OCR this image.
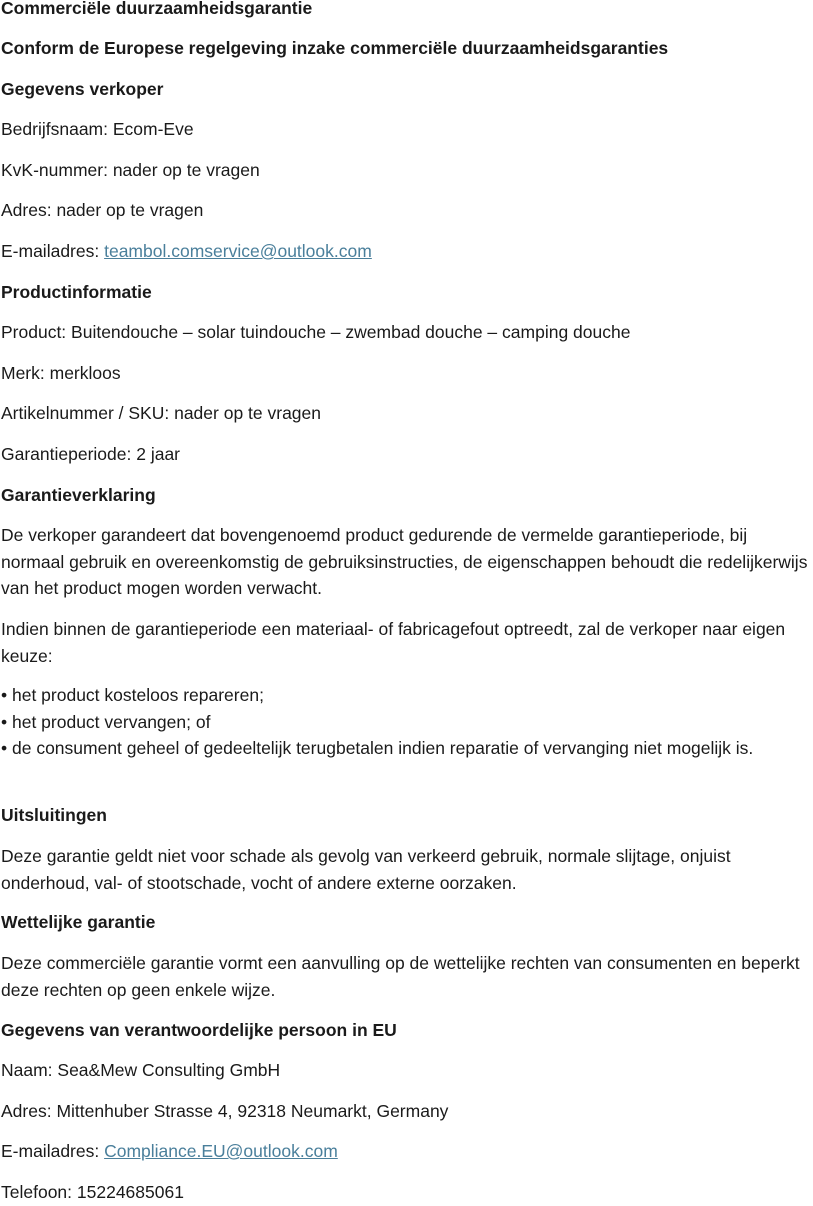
Commerciële duurzaamheidsgarantie
Conform de Europese regelgeving inzake commerciële duurzaamheidsgaranties
Gegevens verkoper
Bedrijfsnaam: Ecom-Eve
KvK-nummer: nader op te vragen
Adres: nader op te vragen
E-mailadres: teambol.comservice@outlook.com
Productinformatie
Product: Buitendouche – solar tuindouche – zwembad douche – camping douche
Merk: merkloos
Artikelnummer / SKU: nader op te vragen
Garantieperiode: 2 jaar
Garantieverklaring
De verkoper garandeert dat bovengenoemd product gedurende de vermelde garantieperiode, bij normaal gebruik en overeenkomstig de gebruiksinstructies, de eigenschappen behoudt die redelijkerwijs van het product mogen worden verwacht.
Indien binnen de garantieperiode een materiaal- of fabricagefout optreedt, zal de verkoper naar eigen keuze:
• het product kosteloos repareren;
• het product vervangen; of
• de consument geheel of gedeeltelijk terugbetalen indien reparatie of vervanging niet mogelijk is.
Uitsluitingen
Deze garantie geldt niet voor schade als gevolg van verkeerd gebruik, normale slijtage, onjuist onderhoud, val- of stootschade, vocht of andere externe oorzaken.
Wettelijke garantie
Deze commerciële garantie vormt een aanvulling op de wettelijke rechten van consumenten en beperkt deze rechten op geen enkele wijze.
Gegevens van verantwoordelijke persoon in EU
Naam: Sea&Mew Consulting GmbH
Adres: Mittenhuber Strasse 4, 92318 Neumarkt, Germany
E-mailadres: Compliance.EU@outlook.com
Telefoon: 15224685061
